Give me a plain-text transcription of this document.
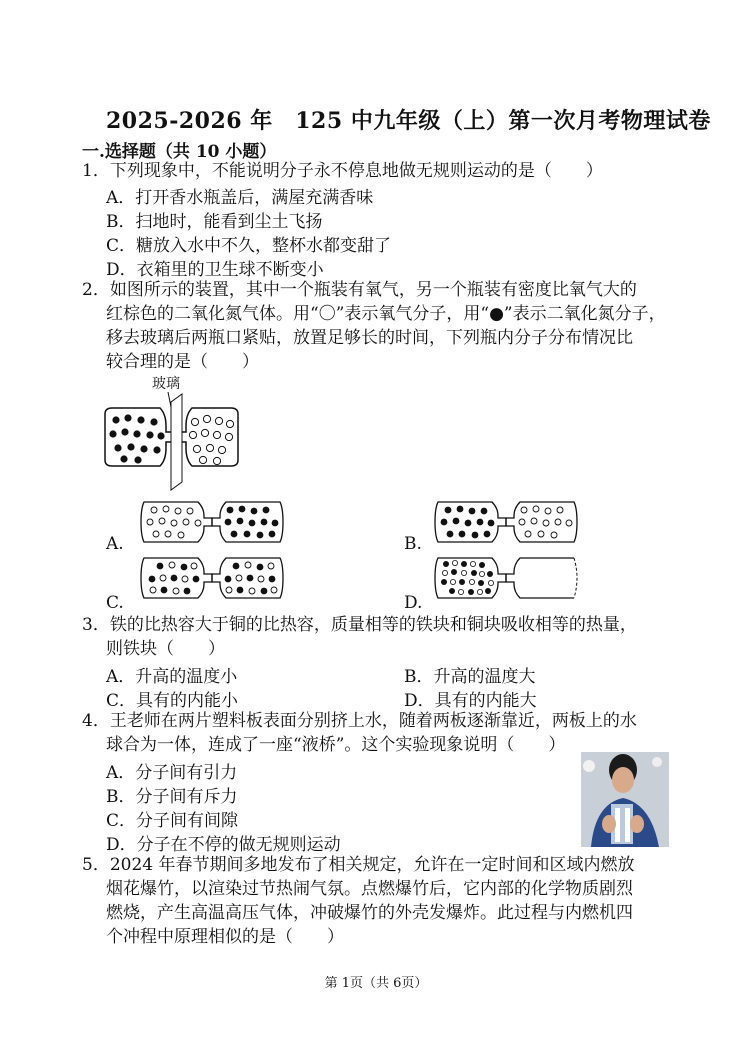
2025-2026 年　125 中九年级（上）第一次月考物理试卷
一.选择题（共 10 小题）
1．下列现象中，不能说明分子永不停息地做无规则运动的是（　　）
A．打开香水瓶盖后，满屋充满香味
B．扫地时，能看到尘土飞扬
C．糖放入水中不久，整杯水都变甜了
D．衣箱里的卫生球不断变小
2．如图所示的装置，其中一个瓶装有氧气，另一个瓶装有密度比氧气大的
红棕色的二氧化氮气体。用“〇”表示氧气分子，用“●”表示二氧化氮分子，
移去玻璃后两瓶口紧贴，放置足够长的时间，下列瓶内分子分布情况比
较合理的是（　　）
玻璃
A.	B.
C.	D.
3．铁的比热容大于铜的比热容，质量相等的铁块和铜块吸收相等的热量，
则铁块（　　）
A．升高的温度小	B．升高的温度大
C．具有的内能小	D．具有的内能大
4．王老师在两片塑料板表面分别挤上水，随着两板逐渐靠近，两板上的水
球合为一体，连成了一座“液桥”。这个实验现象说明（　　）
A．分子间有引力
B．分子间有斥力
C．分子间有间隙
D．分子在不停的做无规则运动
5．2024 年春节期间多地发布了相关规定，允许在一定时间和区域内燃放
烟花爆竹，以渲染过节热闹气氛。点燃爆竹后，它内部的化学物质剧烈
燃烧，产生高温高压气体，冲破爆竹的外壳发爆炸。此过程与内燃机四
个冲程中原理相似的是（　　）
第 1页（共 6页）
